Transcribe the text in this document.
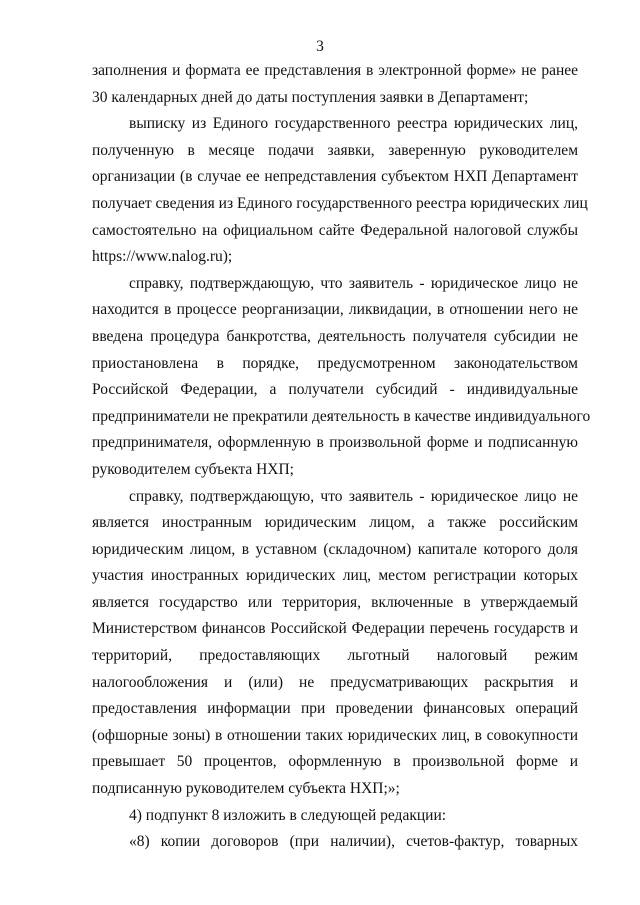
3
заполнения и формата ее представления в электронной форме» не ранее
30 календарных дней до даты поступления заявки в Департамент;
выписку из Единого государственного реестра юридических лиц,
полученную в месяце подачи заявки, заверенную руководителем
организации (в случае ее непредставления субъектом НХП Департамент
получает сведения из Единого государственного реестра юридических лиц
самостоятельно на официальном сайте Федеральной налоговой службы
https://www.nalog.ru);
справку, подтверждающую, что заявитель - юридическое лицо не
находится в процессе реорганизации, ликвидации, в отношении него не
введена процедура банкротства, деятельность получателя субсидии не
приостановлена в порядке, предусмотренном законодательством
Российской Федерации, а получатели субсидий - индивидуальные
предприниматели не прекратили деятельность в качестве индивидуального
предпринимателя, оформленную в произвольной форме и подписанную
руководителем субъекта НХП;
справку, подтверждающую, что заявитель - юридическое лицо не
является иностранным юридическим лицом, а также российским
юридическим лицом, в уставном (складочном) капитале которого доля
участия иностранных юридических лиц, местом регистрации которых
является государство или территория, включенные в утверждаемый
Министерством финансов Российской Федерации перечень государств и
территорий, предоставляющих льготный налоговый режим
налогообложения и (или) не предусматривающих раскрытия и
предоставления информации при проведении финансовых операций
(офшорные зоны) в отношении таких юридических лиц, в совокупности
превышает 50 процентов, оформленную в произвольной форме и
подписанную руководителем субъекта НХП;»;
4) подпункт 8 изложить в следующей редакции:
«8) копии договоров (при наличии), счетов-фактур, товарных
